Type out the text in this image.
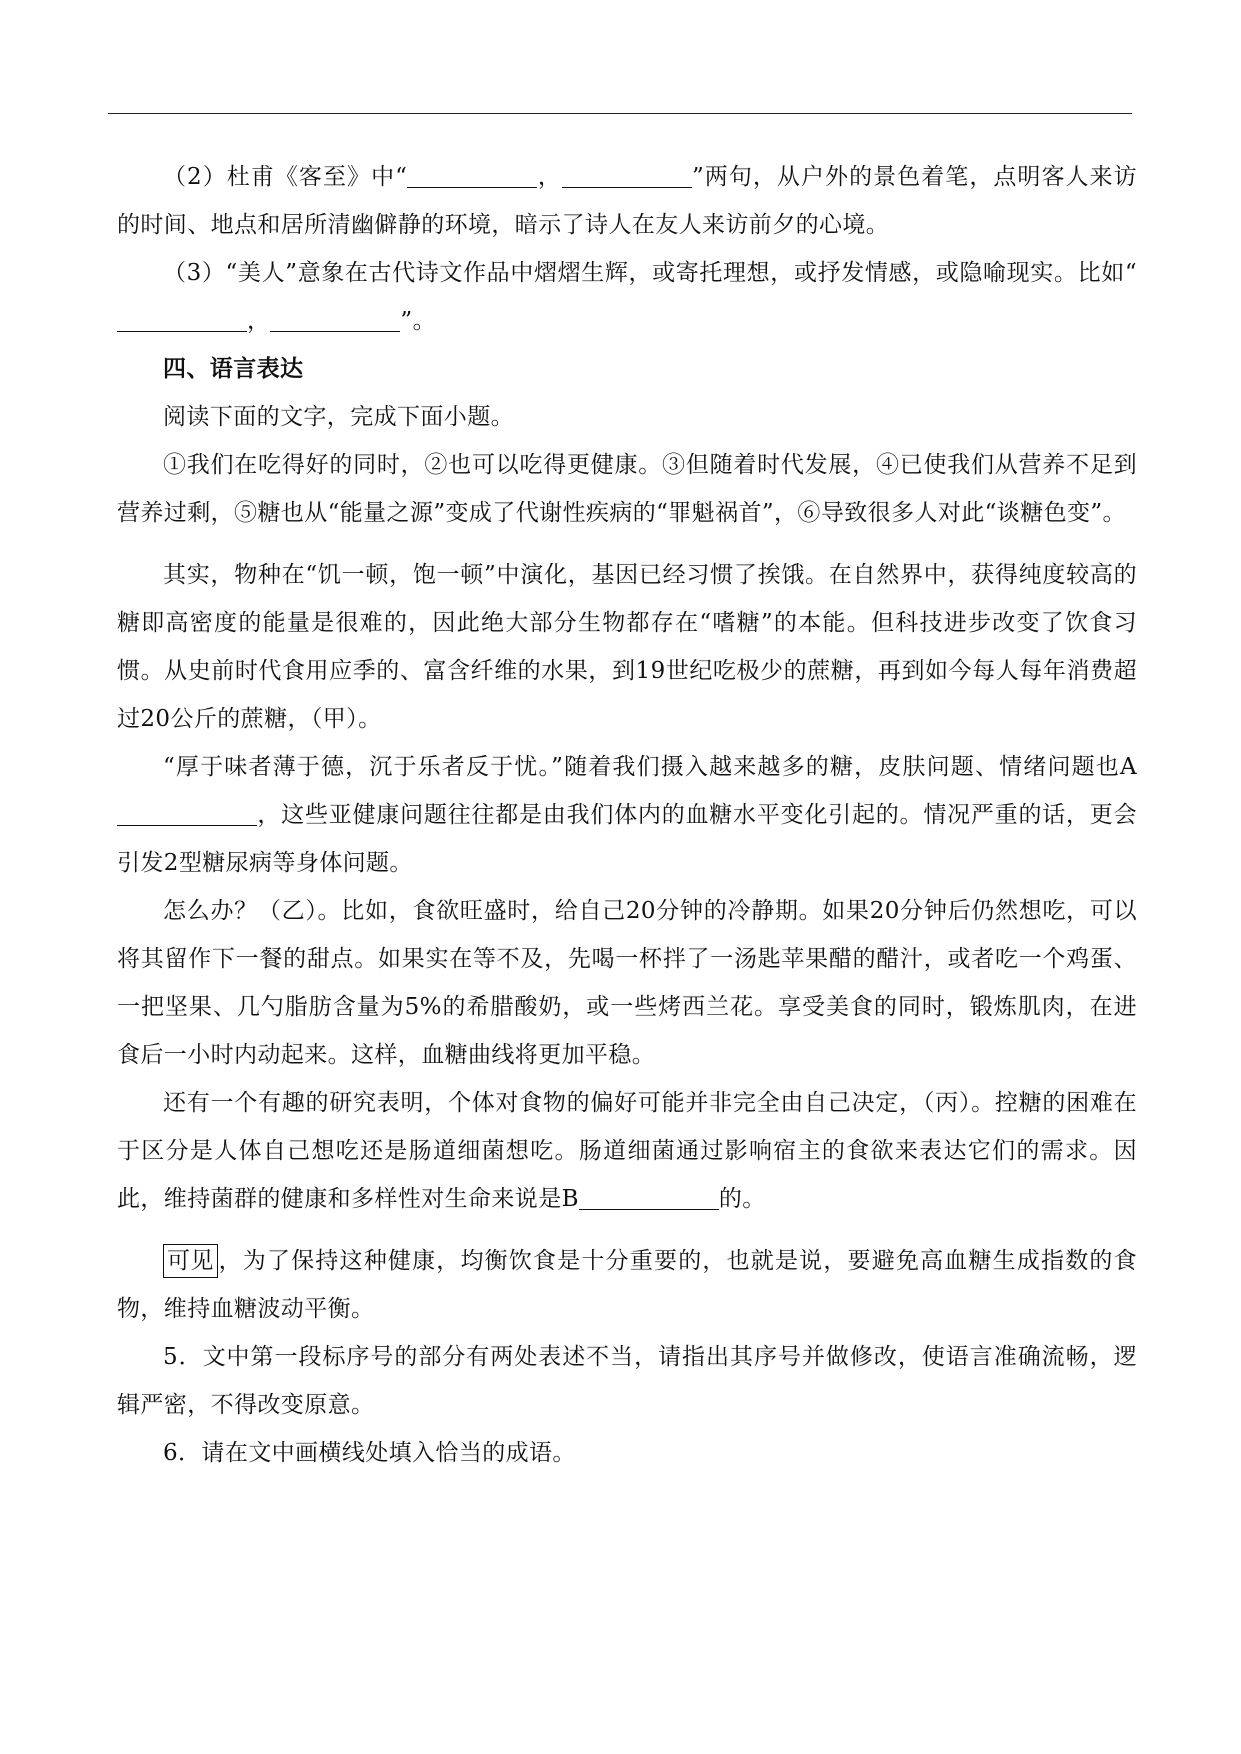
（2）杜甫《客至》中“	，	”两句，从户外的景色着笔，点明客人来访的时间、地点和居所清幽僻静的环境，暗示了诗人在友人来访前夕的心境。

（3）“美人”意象在古代诗文作品中熠熠生辉，或寄托理想，或抒发情感，或隐喻现实。比如“，	”。

四、语言表达

阅读下面的文字，完成下面小题。

①我们在吃得好的同时，②也可以吃得更健康。③但随着时代发展，④已使我们从营养不足到营养过剩，⑤糖也从“能量之源”变成了代谢性疾病的“罪魁祸首”，⑥导致很多人对此“谈糖色变”。

其实，物种在“饥一顿，饱一顿”中演化，基因已经习惯了挨饿。在自然界中，获得纯度较高的糖即高密度的能量是很难的，因此绝大部分生物都存在“嗜糖”的本能。但科技进步改变了饮食习惯。从史前时代食用应季的、富含纤维的水果，到19世纪吃极少的蔗糖，再到如今每人每年消费超过20公斤的蔗糖，（甲）。

“厚于味者薄于德，沉于乐者反于忧。”随着我们摄入越来越多的糖，皮肤问题、情绪问题也A，这些亚健康问题往往都是由我们体内的血糖水平变化引起的。情况严重的话，更会引发2型糖尿病等身体问题。

怎么办？（乙）。比如，食欲旺盛时，给自己20分钟的冷静期。如果20分钟后仍然想吃，可以将其留作下一餐的甜点。如果实在等不及，先喝一杯拌了一汤匙苹果醋的醋汁，或者吃一个鸡蛋、一把坚果、几勺脂肪含量为5%的希腊酸奶，或一些烤西兰花。享受美食的同时，锻炼肌肉，在进食后一小时内动起来。这样，血糖曲线将更加平稳。

还有一个有趣的研究表明，个体对食物的偏好可能并非完全由自己决定，（丙）。控糖的困难在于区分是人体自己想吃还是肠道细菌想吃。肠道细菌通过影响宿主的食欲来表达它们的需求。因此，维持菌群的健康和多样性对生命来说是B	的。

可见 ，为了保持这种健康，均衡饮食是十分重要的，也就是说，要避免高血糖生成指数的食物，维持血糖波动平衡。

5．文中第一段标序号的部分有两处表述不当，请指出其序号并做修改，使语言准确流畅，逻辑严密，不得改变原意。

6．请在文中画横线处填入恰当的成语。
